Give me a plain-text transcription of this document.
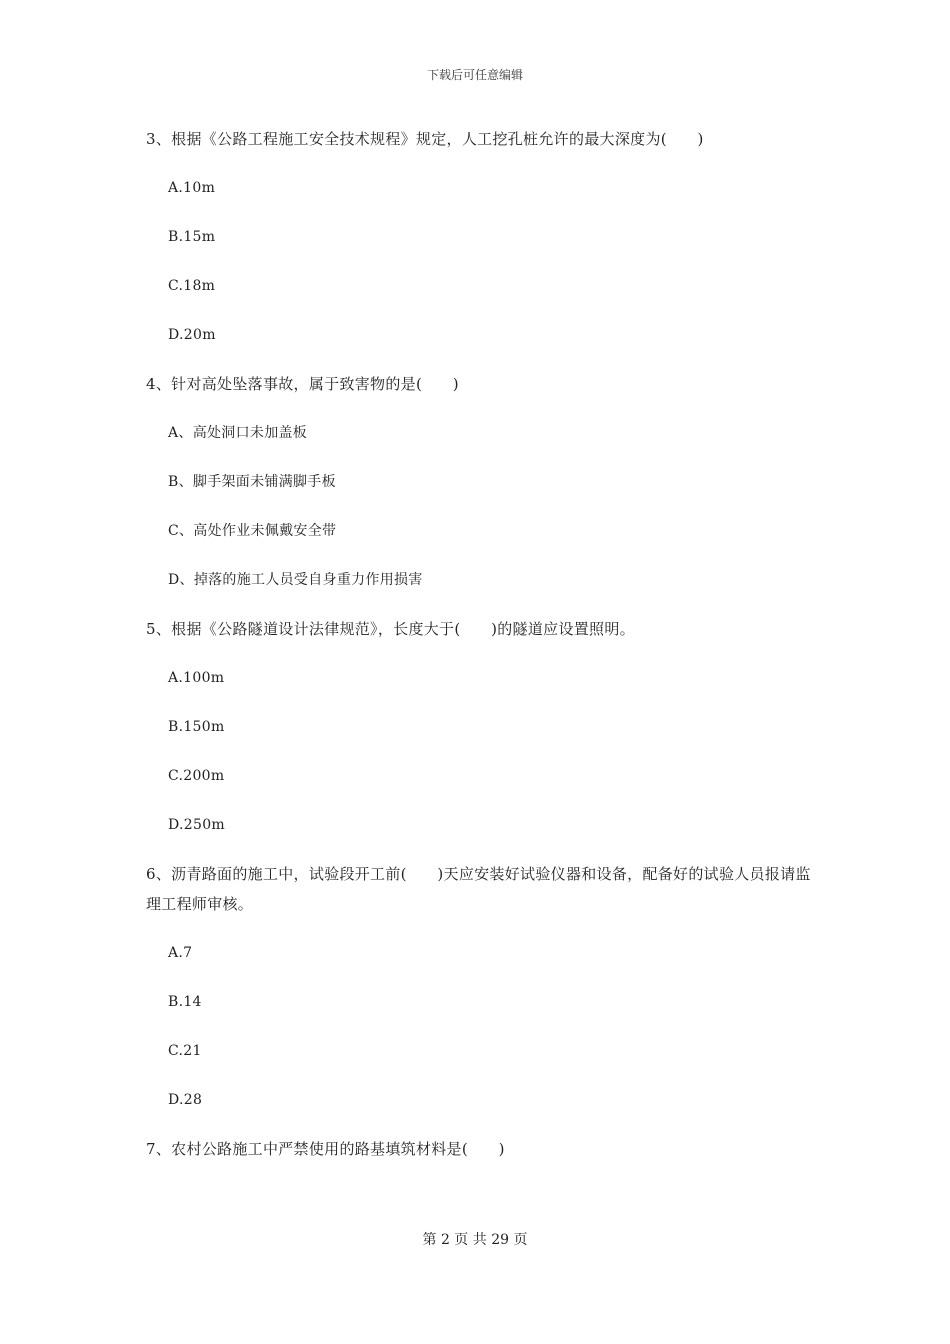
下载后可任意编辑

3、根据《公路工程施工安全技术规程》规定，人工挖孔桩允许的最大深度为(　　)

A.10m
B.15m
C.18m
D.20m

4、针对高处坠落事故，属于致害物的是(　　)

A、高处洞口未加盖板
B、脚手架面未铺满脚手板
C、高处作业未佩戴安全带
D、掉落的施工人员受自身重力作用损害

5、根据《公路隧道设计法律规范》，长度大于(　　)的隧道应设置照明。

A.100m
B.150m
C.200m
D.250m

6、沥青路面的施工中，试验段开工前(　　)天应安装好试验仪器和设备，配备好的试验人员报请监理工程师审核。

A.7
B.14
C.21
D.28

7、农村公路施工中严禁使用的路基填筑材料是(　　)

第 2 页 共 29 页
